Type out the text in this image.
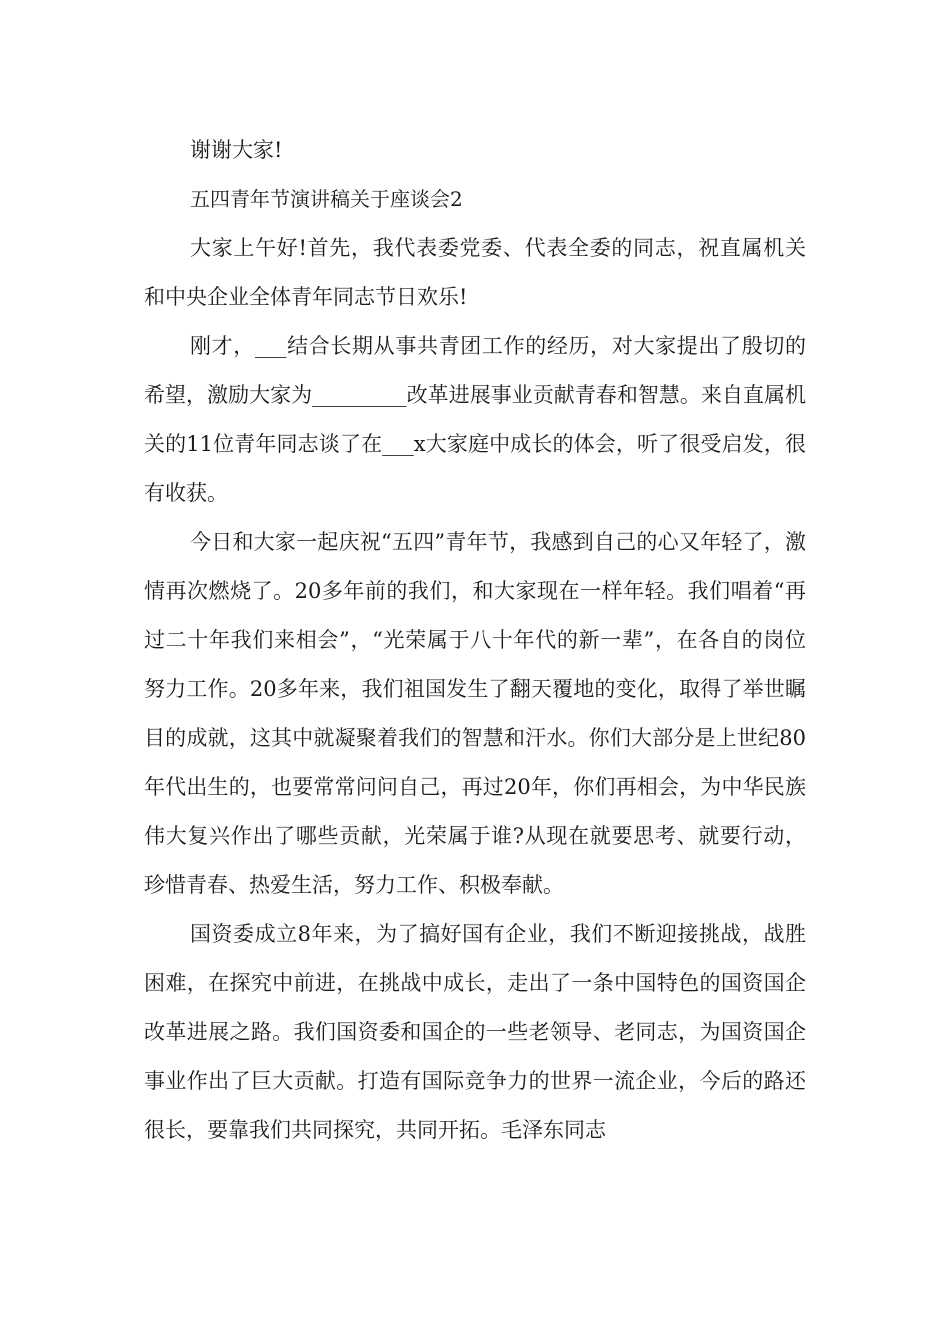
谢谢大家!

五四青年节演讲稿关于座谈会2

大家上午好!首先，我代表委党委、代表全委的同志，祝直属机关和中央企业全体青年同志节日欢乐!

刚才，___结合长期从事共青团工作的经历，对大家提出了殷切的希望，激励大家为_________改革进展事业贡献青春和智慧。来自直属机关的11位青年同志谈了在___x大家庭中成长的体会，听了很受启发，很有收获。

今日和大家一起庆祝“五四”青年节，我感到自己的心又年轻了，激情再次燃烧了。20多年前的我们，和大家现在一样年轻。我们唱着“再过二十年我们来相会”，“光荣属于八十年代的新一辈”，在各自的岗位努力工作。20多年来，我们祖国发生了翻天覆地的变化，取得了举世瞩目的成就，这其中就凝聚着我们的智慧和汗水。你们大部分是上世纪80年代出生的，也要常常问问自己，再过20年，你们再相会，为中华民族伟大复兴作出了哪些贡献，光荣属于谁?从现在就要思考、就要行动，珍惜青春、热爱生活，努力工作、积极奉献。

国资委成立8年来，为了搞好国有企业，我们不断迎接挑战，战胜困难，在探究中前进，在挑战中成长，走出了一条中国特色的国资国企改革进展之路。我们国资委和国企的一些老领导、老同志，为国资国企事业作出了巨大贡献。打造有国际竞争力的世界一流企业，今后的路还很长，要靠我们共同探究，共同开拓。毛泽东同志
